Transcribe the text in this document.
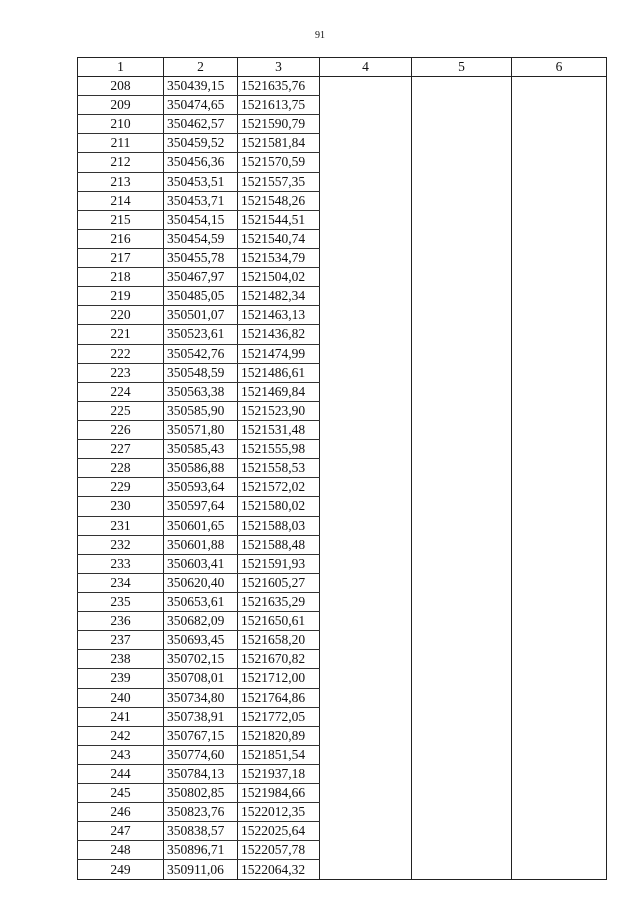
91
1	2	3	4	5	6
208	350439,15	1521635,76			
209	350474,65	1521613,75			
210	350462,57	1521590,79			
211	350459,52	1521581,84			
212	350456,36	1521570,59			
213	350453,51	1521557,35			
214	350453,71	1521548,26			
215	350454,15	1521544,51			
216	350454,59	1521540,74			
217	350455,78	1521534,79			
218	350467,97	1521504,02			
219	350485,05	1521482,34			
220	350501,07	1521463,13			
221	350523,61	1521436,82			
222	350542,76	1521474,99			
223	350548,59	1521486,61			
224	350563,38	1521469,84			
225	350585,90	1521523,90			
226	350571,80	1521531,48			
227	350585,43	1521555,98			
228	350586,88	1521558,53			
229	350593,64	1521572,02			
230	350597,64	1521580,02			
231	350601,65	1521588,03			
232	350601,88	1521588,48			
233	350603,41	1521591,93			
234	350620,40	1521605,27			
235	350653,61	1521635,29			
236	350682,09	1521650,61			
237	350693,45	1521658,20			
238	350702,15	1521670,82			
239	350708,01	1521712,00			
240	350734,80	1521764,86			
241	350738,91	1521772,05			
242	350767,15	1521820,89			
243	350774,60	1521851,54			
244	350784,13	1521937,18			
245	350802,85	1521984,66			
246	350823,76	1522012,35			
247	350838,57	1522025,64			
248	350896,71	1522057,78			
249	350911,06	1522064,32			
